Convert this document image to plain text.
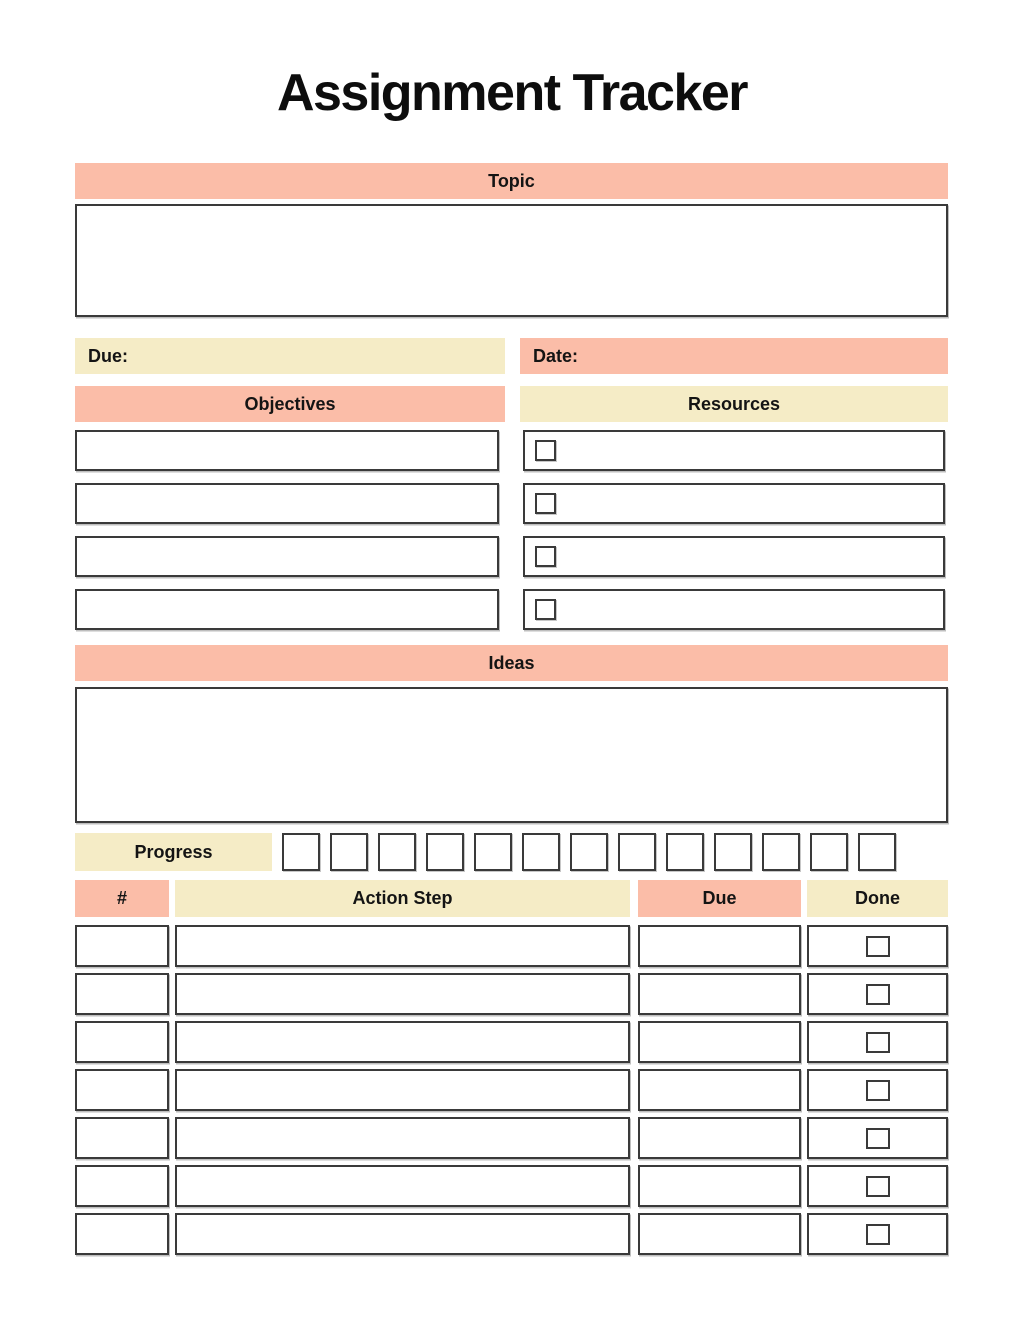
Assignment Tracker
Topic
Due:	Date:
Objectives	Resources
Ideas
Progress
#	Action Step	Due	Done
